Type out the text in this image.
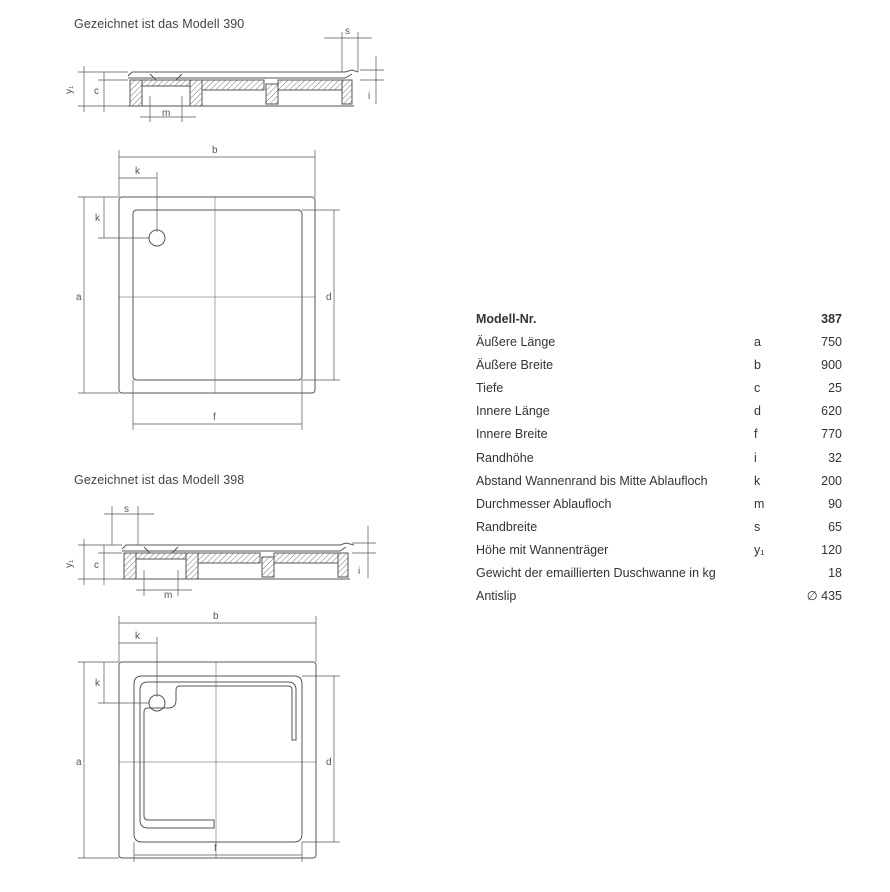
Gezeichnet ist das Modell 390
Gezeichnet ist das Modell 398
y₁ c
m
s
i
b
k
a
k
d
f
y₁ c
m
s
i
b
k
a
k
d
f
Modell-Nr.	387
Äußere Länge	a	750
Äußere Breite	b	900
Tiefe	c	25
Innere Länge	d	620
Innere Breite	f	770
Randhöhe	i	32
Abstand Wannenrand bis Mitte Ablaufloch	k	200
Durchmesser Ablaufloch	m	90
Randbreite	s	65
Höhe mit Wannenträger	y₁	120
Gewicht der emaillierten Duschwanne in kg	18
Antislip	∅ 435
